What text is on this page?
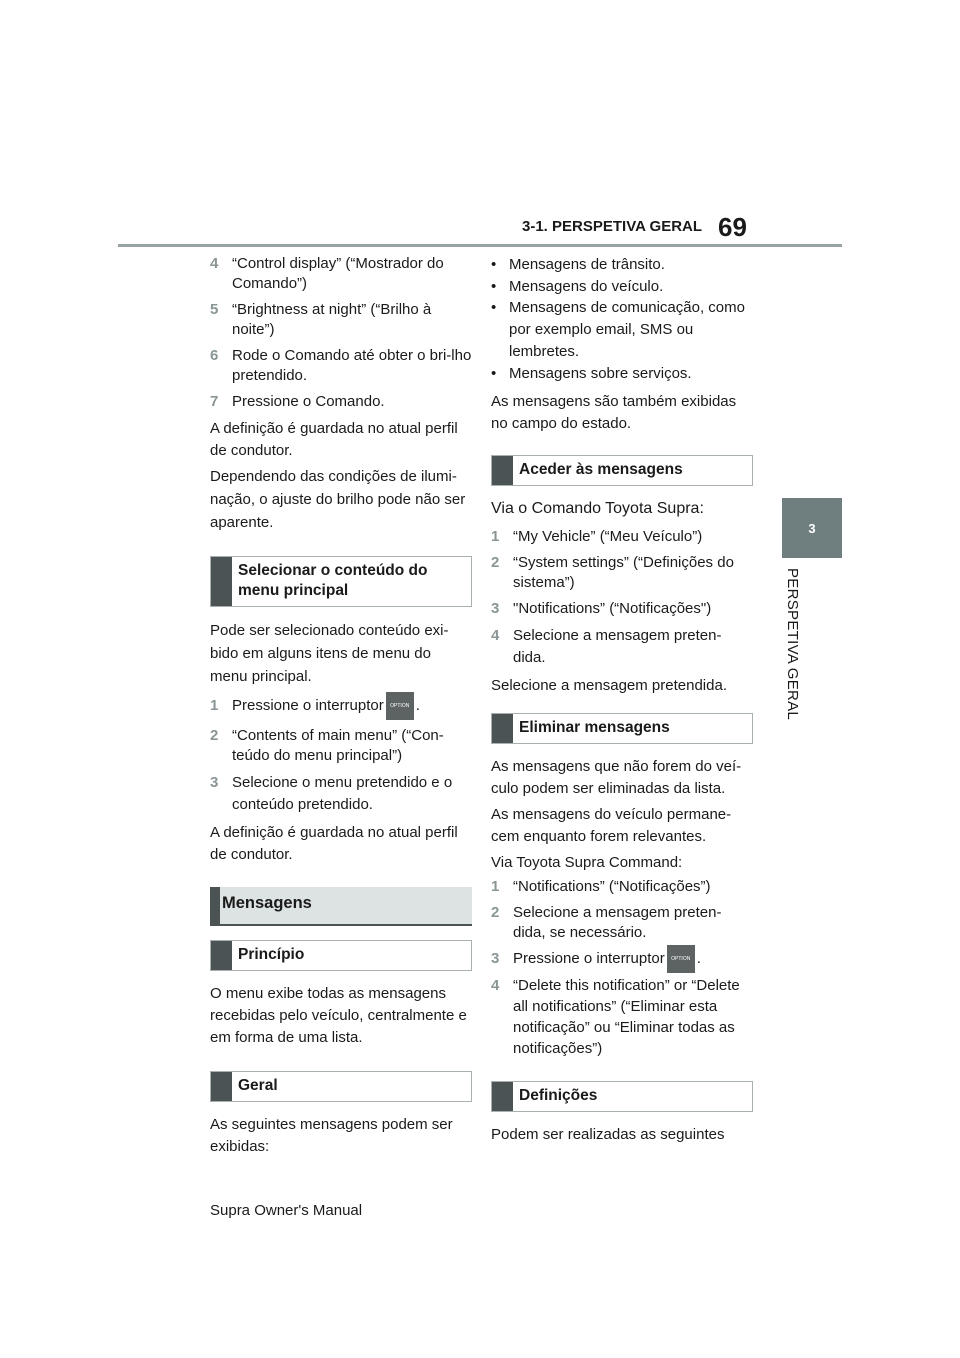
3-1. PERSPETIVA GERAL 69
3
PERSPETIVA GERAL
4 “Control display” (“Mostrador do Comando”)
5 “Brightness at night” (“Brilho à noite”)
6 Rode o Comando até obter o bri-lho pretendido.
7 Pressione o Comando.

A definição é guardada no atual perfil de condutor.

Dependendo das condições de ilumi-nação, o ajuste do brilho pode não ser aparente.

Selecionar o conteúdo do menu principal

Pode ser selecionado conteúdo exi-bido em alguns itens de menu do menu principal.

1 Pressione o interruptor OPTION .
2 “Contents of main menu” (“Con-teúdo do menu principal”)
3 Selecione o menu pretendido e o conteúdo pretendido.

A definição é guardada no atual perfil de condutor.

Mensagens
Princípio

O menu exibe todas as mensagens recebidas pelo veículo, centralmente e em forma de uma lista.

Geral

As seguintes mensagens podem ser exibidas:

• Mensagens de trânsito.
• Mensagens do veículo.
• Mensagens de comunicação, como por exemplo email, SMS ou lembretes.
• Mensagens sobre serviços.

As mensagens são também exibidas no campo do estado.

Aceder às mensagens

Via o Comando Toyota Supra:

1 “My Vehicle” (“Meu Veículo”)
2 “System settings” (“Definições do sistema”)
3 "Notifications” (“Notificações")
4 Selecione a mensagem preten-dida.

Selecione a mensagem pretendida.

Eliminar mensagens

As mensagens que não forem do veí-culo podem ser eliminadas da lista.

As mensagens do veículo permane-cem enquanto forem relevantes.

Via Toyota Supra Command:

1 “Notifications” (“Notificações”)
2 Selecione a mensagem preten-dida, se necessário.
3 Pressione o interruptor OPTION .
4 “Delete this notification” or “Delete all notifications” (“Eliminar esta notificação” ou “Eliminar todas as notificações”)
Definições

Podem ser realizadas as seguintes

Supra Owner's Manual
